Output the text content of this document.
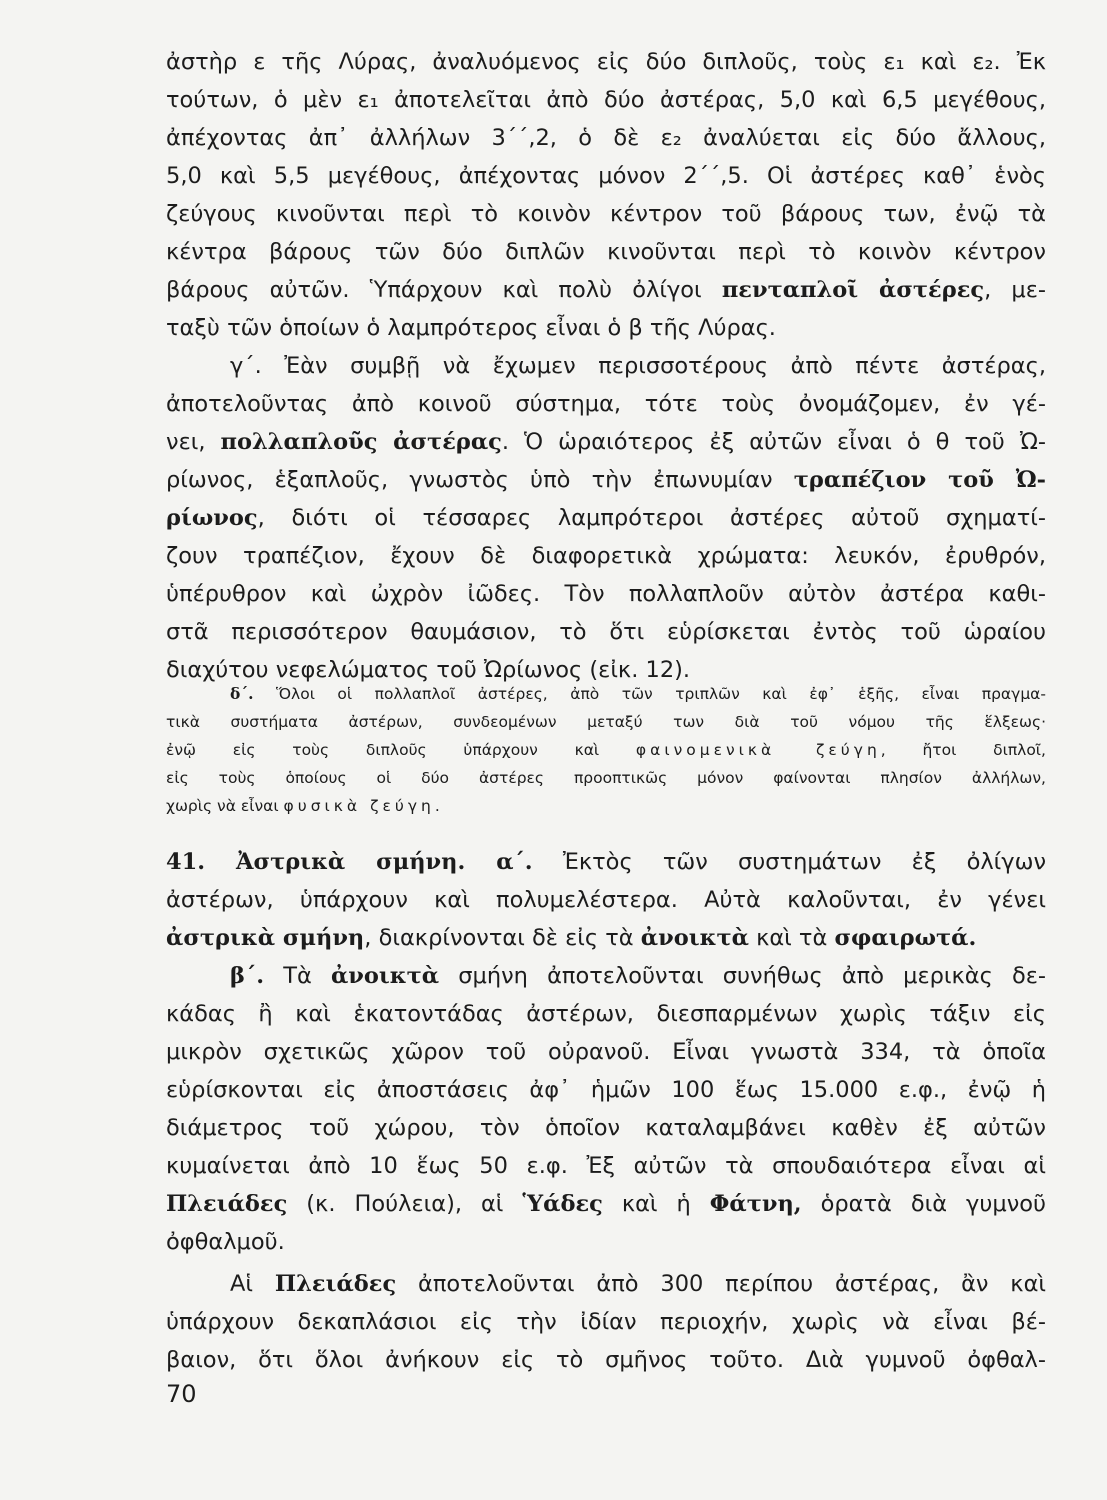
ἀστὴρ ε τῆς Λύρας, ἀναλυόμενος εἰς δύο διπλοῦς, τοὺς ε₁ καὶ ε₂. Ἐκ
τούτων, ὁ μὲν ε₁ ἀποτελεῖται ἀπὸ δύο ἀστέρας, 5,0 καὶ 6,5 μεγέθους,
ἀπέχοντας ἀπ᾽ ἀλλήλων 3΄΄,2, ὁ δὲ ε₂ ἀναλύεται εἰς δύο ἄλλους,
5,0 καὶ 5,5 μεγέθους, ἀπέχοντας μόνον 2΄΄,5. Οἱ ἀστέρες καθ᾽ ἑνὸς
ζεύγους κινοῦνται περὶ τὸ κοινὸν κέντρον τοῦ βάρους των, ἐνῷ τὰ
κέντρα βάρους τῶν δύο διπλῶν κινοῦνται περὶ τὸ κοινὸν κέντρον
βάρους αὐτῶν. Ὑπάρχουν καὶ πολὺ ὀλίγοι πενταπλοῖ ἀστέρες, με-
ταξὺ τῶν ὁποίων ὁ λαμπρότερος εἶναι ὁ β τῆς Λύρας.
γ΄. Ἐὰν συμβῇ νὰ ἔχωμεν περισσοτέρους ἀπὸ πέντε ἀστέρας,
ἀποτελοῦντας ἀπὸ κοινοῦ σύστημα, τότε τοὺς ὀνομάζομεν, ἐν γέ-
νει, πολλαπλοῦς ἀστέρας. Ὁ ὡραιότερος ἐξ αὐτῶν εἶναι ὁ θ τοῦ Ὠ-
ρίωνος, ἑξαπλοῦς, γνωστὸς ὑπὸ τὴν ἐπωνυμίαν τραπέζιον τοῦ Ὠ-
ρίωνος, διότι οἱ τέσσαρες λαμπρότεροι ἀστέρες αὐτοῦ σχηματί-
ζουν τραπέζιον, ἔχουν δὲ διαφορετικὰ χρώματα: λευκόν, ἐρυθρόν,
ὑπέρυθρον καὶ ὠχρὸν ἰῶδες. Τὸν πολλαπλοῦν αὐτὸν ἀστέρα καθι-
στᾶ περισσότερον θαυμάσιον, τὸ ὅτι εὑρίσκεται ἐντὸς τοῦ ὡραίου
διαχύτου νεφελώματος τοῦ Ὠρίωνος (εἰκ. 12).
δ΄. Ὅλοι οἱ πολλαπλοῖ ἀστέρες, ἀπὸ τῶν τριπλῶν καὶ ἐφ᾽ ἑξῆς, εἶναι πραγμα-
τικὰ συστήματα ἀστέρων, συνδεομένων μεταξύ των διὰ τοῦ νόμου τῆς ἕλξεως·
ἐνῷ εἰς τοὺς διπλοῦς ὑπάρχουν καὶ φαινομενικὰ ζεύγη, ἤτοι διπλοῖ,
εἰς τοὺς ὁποίους οἱ δύο ἀστέρες προοπτικῶς μόνον φαίνονται πλησίον ἀλλήλων,
χωρὶς νὰ εἶναι φυσικὰ ζεύγη.
41. Ἀστρικὰ σμήνη. α΄. Ἐκτὸς τῶν συστημάτων ἐξ ὀλίγων
ἀστέρων, ὑπάρχουν καὶ πολυμελέστερα. Αὐτὰ καλοῦνται, ἐν γένει
ἀστρικὰ σμήνη, διακρίνονται δὲ εἰς τὰ ἀνοικτὰ καὶ τὰ σφαιρωτά.
β΄. Τὰ ἀνοικτὰ σμήνη ἀποτελοῦνται συνήθως ἀπὸ μερικὰς δε-
κάδας ἢ καὶ ἑκατοντάδας ἀστέρων, διεσπαρμένων χωρὶς τάξιν εἰς
μικρὸν σχετικῶς χῶρον τοῦ οὐρανοῦ. Εἶναι γνωστὰ 334, τὰ ὁποῖα
εὑρίσκονται εἰς ἀποστάσεις ἀφ᾽ ἡμῶν 100 ἕως 15.000 ε.φ., ἐνῷ ἡ
διάμετρος τοῦ χώρου, τὸν ὁποῖον καταλαμβάνει καθὲν ἐξ αὐτῶν
κυμαίνεται ἀπὸ 10 ἕως 50 ε.φ. Ἐξ αὐτῶν τὰ σπουδαιότερα εἶναι αἱ
Πλειάδες (κ. Πούλεια), αἱ Ὑάδες καὶ ἡ Φάτνη, ὁρατὰ διὰ γυμνοῦ
ὀφθαλμοῦ.
Αἱ Πλειάδες ἀποτελοῦνται ἀπὸ 300 περίπου ἀστέρας, ἂν καὶ
ὑπάρχουν δεκαπλάσιοι εἰς τὴν ἰδίαν περιοχήν, χωρὶς νὰ εἶναι βέ-
βαιον, ὅτι ὅλοι ἀνήκουν εἰς τὸ σμῆνος τοῦτο. Διὰ γυμνοῦ ὀφθαλ-
70
